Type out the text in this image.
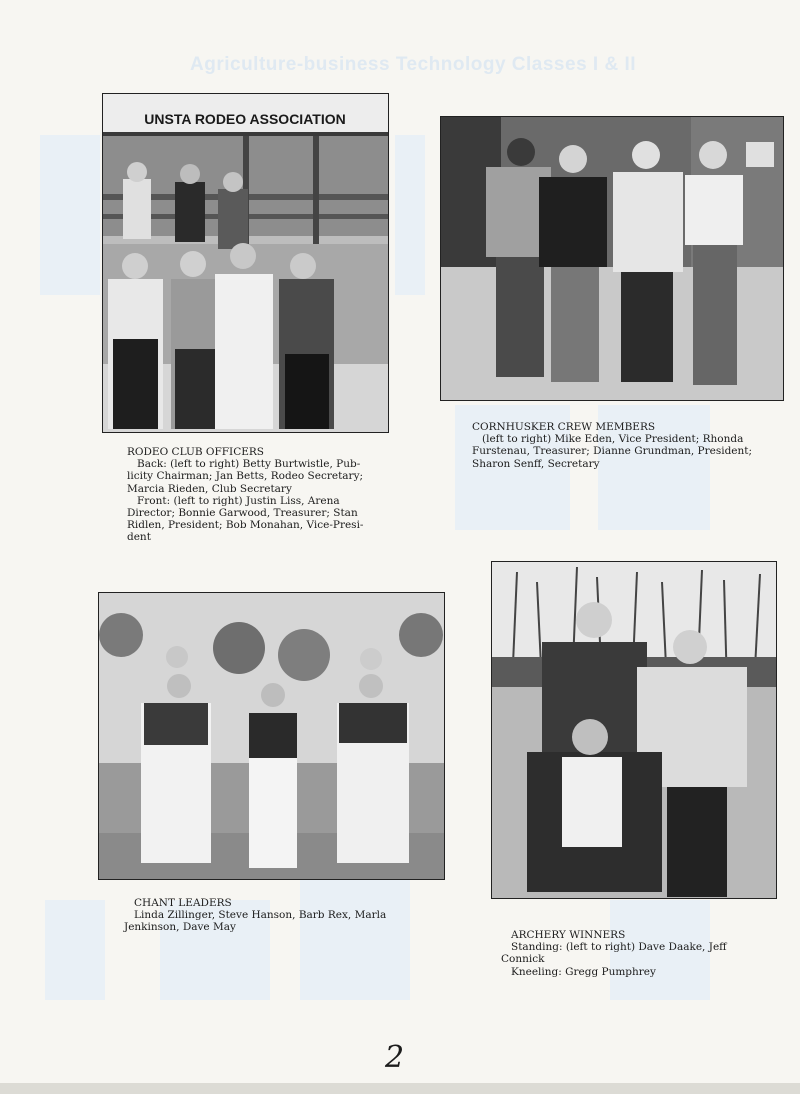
Agriculture-business Technology Classes I & II
UNSTA RODEO ASSOCIATION
RODEO CLUB OFFICERS
Back: (left to right) Betty Burtwistle, Pub-
licity Chairman; Jan Betts, Rodeo Secretary;
Marcia Rieden, Club Secretary
Front: (left to right) Justin Liss, Arena
Director; Bonnie Garwood, Treasurer; Stan
Ridlen, President; Bob Monahan, Vice-Presi-
dent
CORNHUSKER CREW MEMBERS
(left to right) Mike Eden, Vice President; Rhonda
Furstenau, Treasurer; Dianne Grundman, President;
Sharon Senff, Secretary
CHANT LEADERS
Linda Zillinger, Steve Hanson, Barb Rex, Marla
Jenkinson, Dave May
ARCHERY WINNERS
Standing: (left to right) Dave Daake, Jeff
Connick
Kneeling: Gregg Pumphrey
2
